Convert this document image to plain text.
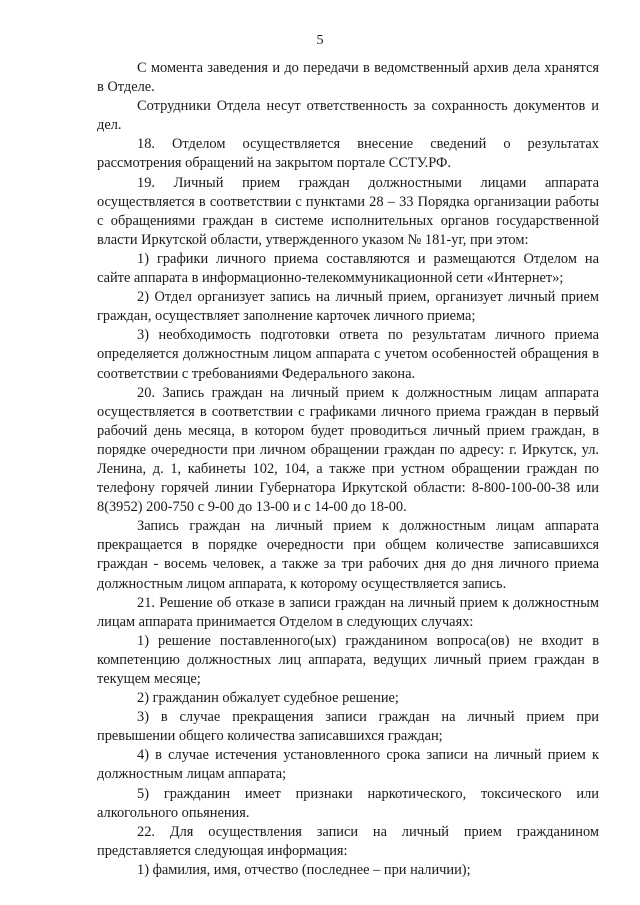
5

С момента заведения и до передачи в ведомственный архив дела хранятся в Отделе.

Сотрудники Отдела несут ответственность за сохранность документов и дел.

18. Отделом осуществляется внесение сведений о результатах рассмотрения обращений на закрытом портале ССТУ.РФ.

19. Личный прием граждан должностными лицами аппарата осуществляется в соответствии с пунктами 28 – 33 Порядка организации работы с обращениями граждан в системе исполнительных органов государственной власти Иркутской области, утвержденного указом № 181-уг, при этом:

1) графики личного приема составляются и размещаются Отделом на сайте аппарата в информационно-телекоммуникационной сети «Интернет»;

2) Отдел организует запись на личный прием, организует личный прием граждан, осуществляет заполнение карточек личного приема;

3) необходимость подготовки ответа по результатам личного приема определяется должностным лицом аппарата с учетом особенностей обращения в соответствии с требованиями Федерального закона.

20. Запись граждан на личный прием к должностным лицам аппарата осуществляется в соответствии с графиками личного приема граждан в первый рабочий день месяца, в котором будет проводиться личный прием граждан, в порядке очередности при личном обращении граждан по адресу: г. Иркутск, ул. Ленина, д. 1, кабинеты 102, 104, а также при устном обращении граждан по телефону горячей линии Губернатора Иркутской области: 8-800-100-00-38 или 8(3952) 200-750 с 9-00 до 13-00 и с 14-00 до 18-00.

Запись граждан на личный прием к должностным лицам аппарата прекращается в порядке очередности при общем количестве записавшихся граждан - восемь человек, а также за три рабочих дня до дня личного приема должностным лицом аппарата, к которому осуществляется запись.

21. Решение об отказе в записи граждан на личный прием к должностным лицам аппарата принимается Отделом в следующих случаях:

1) решение поставленного(ых) гражданином вопроса(ов) не входит в компетенцию должностных лиц аппарата, ведущих личный прием граждан в текущем месяце;

2) гражданин обжалует судебное решение;

3) в случае прекращения записи граждан на личный прием при превышении общего количества записавшихся граждан;

4) в случае истечения установленного срока записи на личный прием к должностным лицам аппарата;

5) гражданин имеет признаки наркотического, токсического или алкогольного опьянения.

22. Для осуществления записи на личный прием гражданином представляется следующая информация:

1) фамилия, имя, отчество (последнее – при наличии);
